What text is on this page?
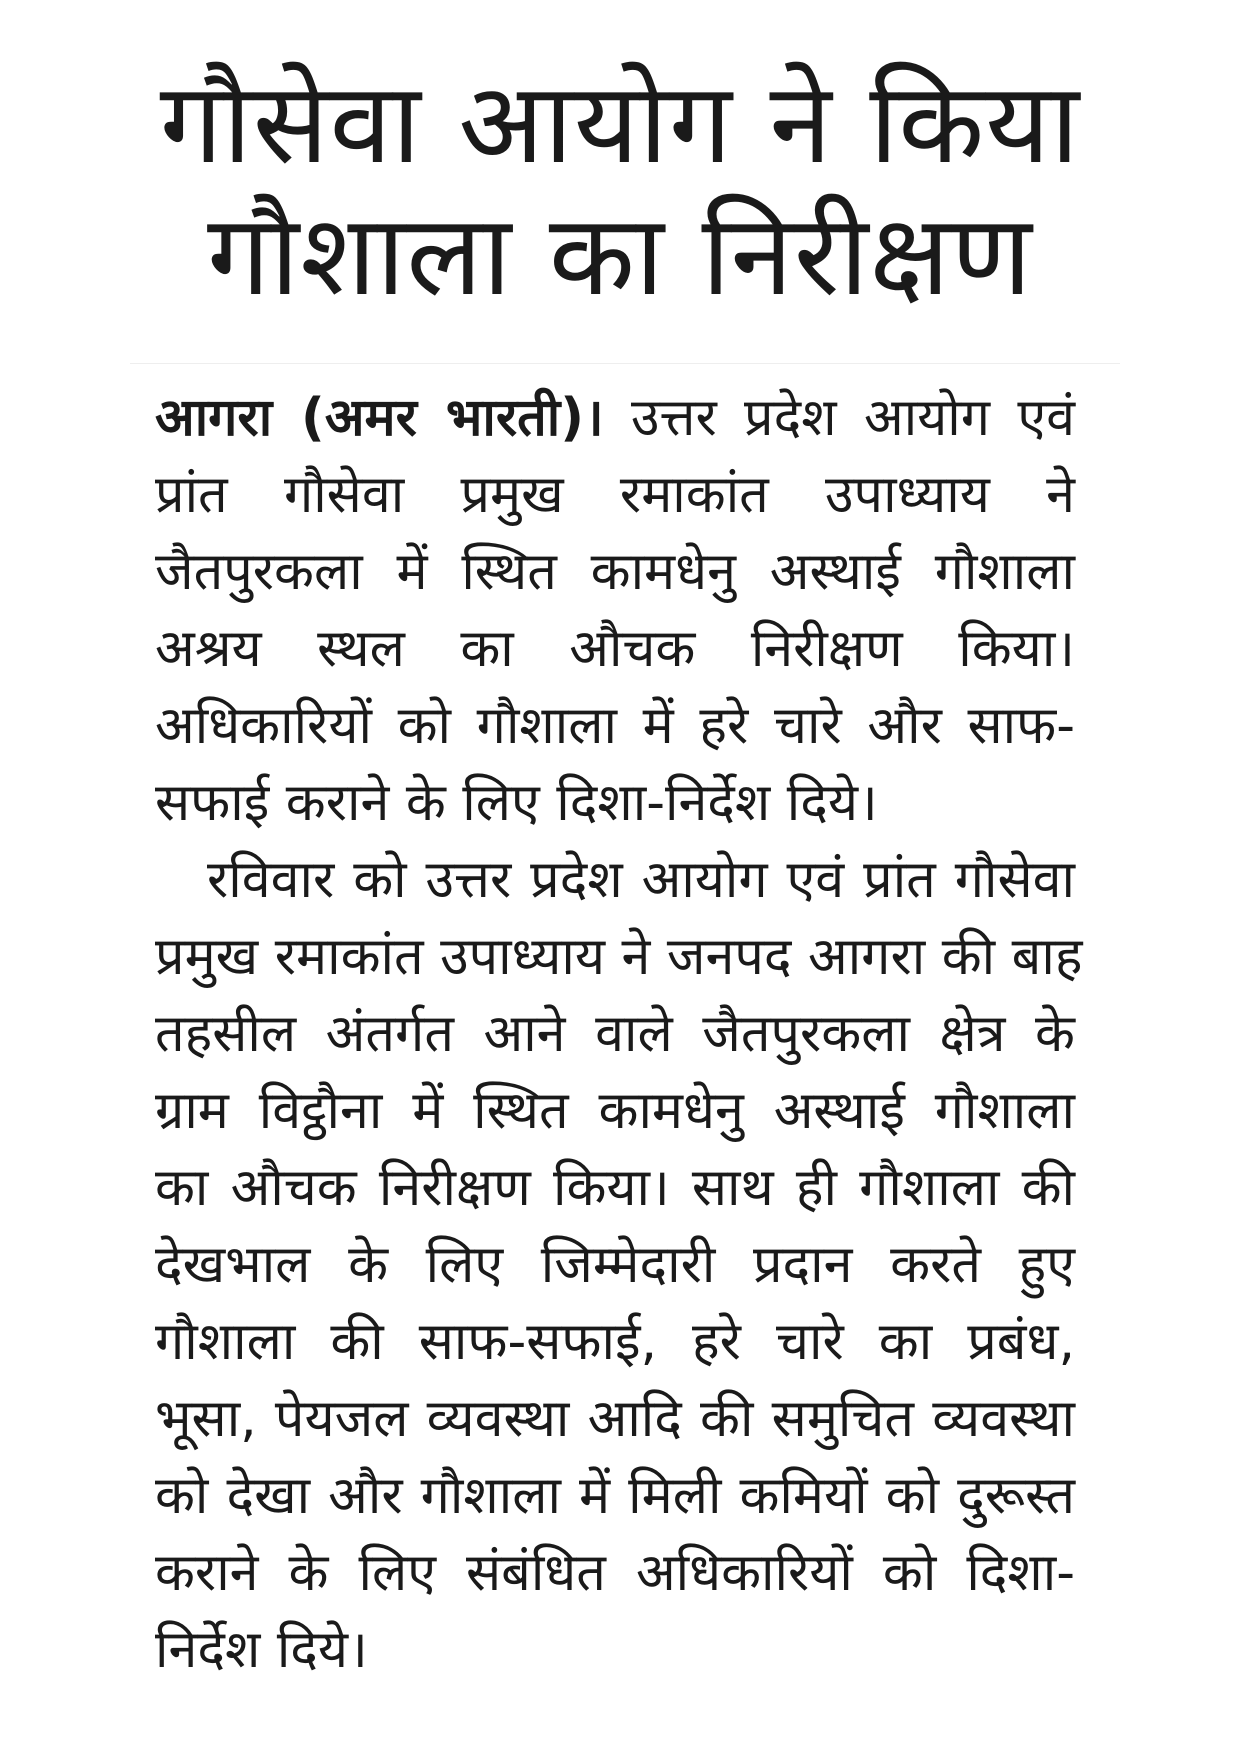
गौसेवा आयोग ने किया
गौशाला का निरीक्षण
आगरा (अमर भारती)। उत्तर प्रदेश आयोग एवं
प्रांत गौसेवा प्रमुख रमाकांत उपाध्याय ने
जैतपुरकला में स्थित कामधेनु अस्थाई गौशाला
अश्रय स्थल का औचक निरीक्षण किया।
अधिकारियों को गौशाला में हरे चारे और साफ-
सफाई कराने के लिए दिशा-निर्देश दिये।
रविवार को उत्तर प्रदेश आयोग एवं प्रांत गौसेवा
प्रमुख रमाकांत उपाध्याय ने जनपद आगरा की बाह
तहसील अंतर्गत आने वाले जैतपुरकला क्षेत्र के
ग्राम विट्ठौना में स्थित कामधेनु अस्थाई गौशाला
का औचक निरीक्षण किया। साथ ही गौशाला की
देखभाल के लिए जिम्मेदारी प्रदान करते हुए
गौशाला की साफ-सफाई, हरे चारे का प्रबंध,
भूसा, पेयजल व्यवस्था आदि की समुचित व्यवस्था
को देखा और गौशाला में मिली कमियों को दुरूस्त
कराने के लिए संबंधित अधिकारियों को दिशा-
निर्देश दिये।
